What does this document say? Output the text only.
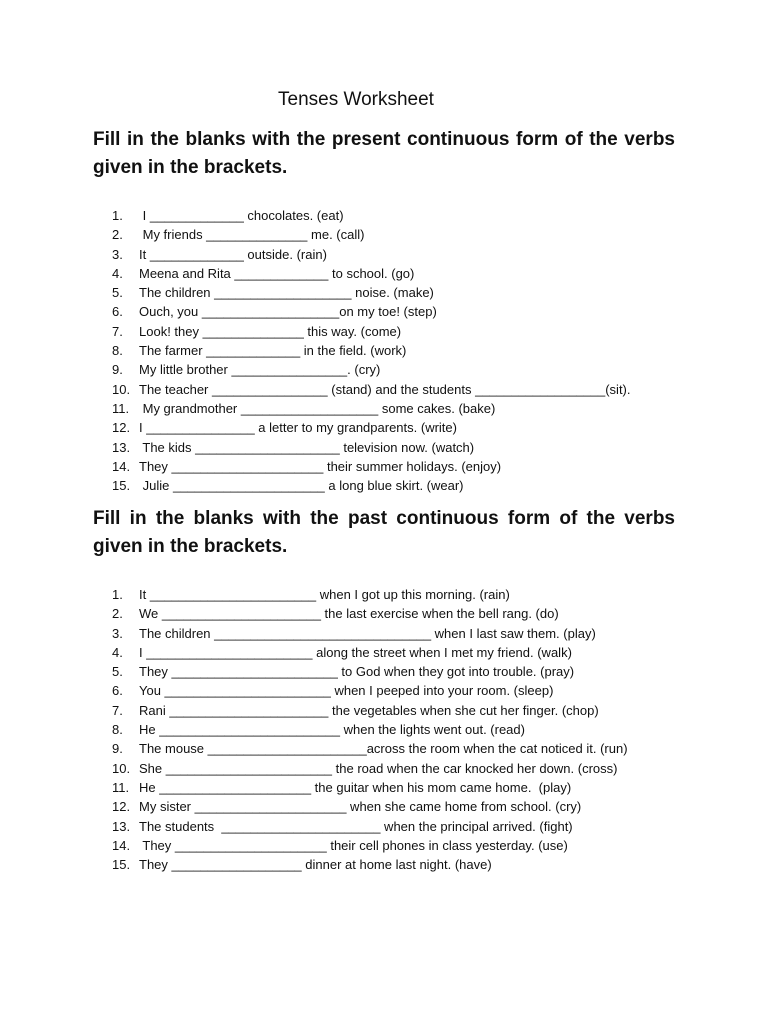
Tenses Worksheet
Fill in the blanks with the present continuous form of the verbs given in the brackets.
1. I _____________ chocolates. (eat)
2. My friends ______________ me. (call)
3. It _____________ outside. (rain)
4. Meena and Rita _____________ to school. (go)
5. The children ___________________ noise. (make)
6. Ouch, you ___________________on my toe! (step)
7. Look! they ______________ this way. (come)
8. The farmer _____________ in the field. (work)
9. My little brother ________________. (cry)
10. The teacher ________________ (stand) and the students __________________(sit).
11. My grandmother ___________________ some cakes. (bake)
12. I _______________ a letter to my grandparents. (write)
13. The kids ____________________ television now. (watch)
14. They _____________________ their summer holidays. (enjoy)
15. Julie _____________________ a long blue skirt. (wear)
Fill in the blanks with the past continuous form of the verbs given in the brackets.
1. It _______________________ when I got up this morning. (rain)
2. We ______________________ the last exercise when the bell rang. (do)
3. The children ______________________________ when I last saw them. (play)
4. I _______________________ along the street when I met my friend. (walk)
5. They _______________________ to God when they got into trouble. (pray)
6. You _______________________ when I peeped into your room. (sleep)
7. Rani ______________________ the vegetables when she cut her finger. (chop)
8. He _________________________ when the lights went out. (read)
9. The mouse ______________________across the room when the cat noticed it. (run)
10. She _______________________ the road when the car knocked her down. (cross)
11. He _____________________ the guitar when his mom came home.  (play)
12. My sister _____________________ when she came home from school. (cry)
13. The students  ______________________ when the principal arrived. (fight)
14. They _____________________ their cell phones in class yesterday. (use)
15. They __________________ dinner at home last night. (have)
